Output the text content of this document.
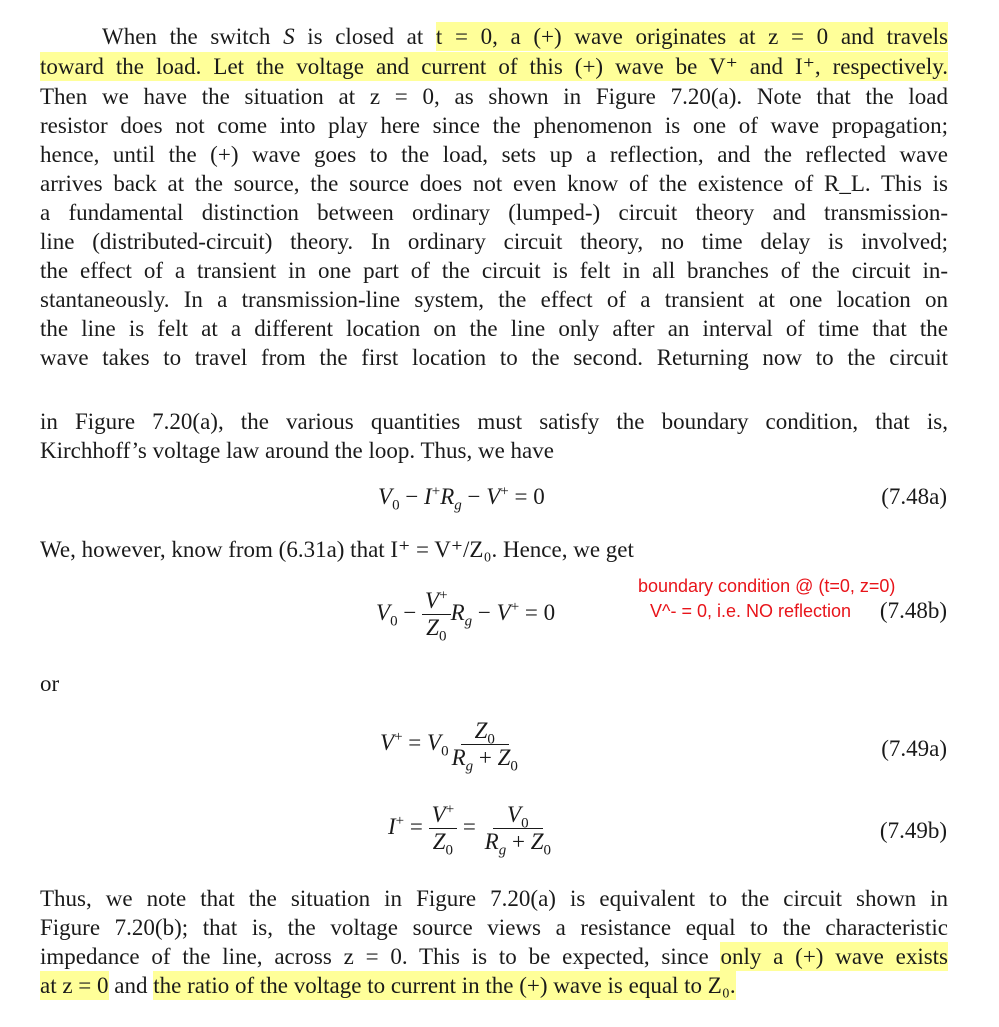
When the switch S is closed at t = 0, a (+) wave originates at z = 0 and travels
toward the load. Let the voltage and current of this (+) wave be V⁺ and I⁺, respectively.
Then we have the situation at z = 0, as shown in Figure 7.20(a). Note that the load
resistor does not come into play here since the phenomenon is one of wave propagation;
hence, until the (+) wave goes to the load, sets up a reflection, and the reflected wave
arrives back at the source, the source does not even know of the existence of R_L. This is
a fundamental distinction between ordinary (lumped-) circuit theory and transmission-
line (distributed-circuit) theory. In ordinary circuit theory, no time delay is involved;
the effect of a transient in one part of the circuit is felt in all branches of the circuit in-
stantaneously. In a transmission-line system, the effect of a transient at one location on
the line is felt at a different location on the line only after an interval of time that the
wave takes to travel from the first location to the second. Returning now to the circuit
in Figure 7.20(a), the various quantities must satisfy the boundary condition, that is,
Kirchhoff’s voltage law around the loop. Thus, we have
$V_0 - I^+R_g - V^+ = 0$	(7.48a)
We, however, know from (6.31a) that I⁺ = V⁺/Z₀. Hence, we get
$V_0 - \frac{V^+}{Z_0} R_g - V^+ = 0$	(7.48b)
boundary condition @ (t=0, z=0)
V^- = 0, i.e. NO reflection
or
$V^+ = V_0 \frac{Z_0}{R_g + Z_0}$	(7.49a)
$I^+ = \frac{V^+}{Z_0} = \frac{V_0}{R_g + Z_0}$	(7.49b)
Thus, we note that the situation in Figure 7.20(a) is equivalent to the circuit shown in
Figure 7.20(b); that is, the voltage source views a resistance equal to the characteristic
impedance of the line, across z = 0. This is to be expected, since only a (+) wave exists
at z = 0 and the ratio of the voltage to current in the (+) wave is equal to Z₀.
